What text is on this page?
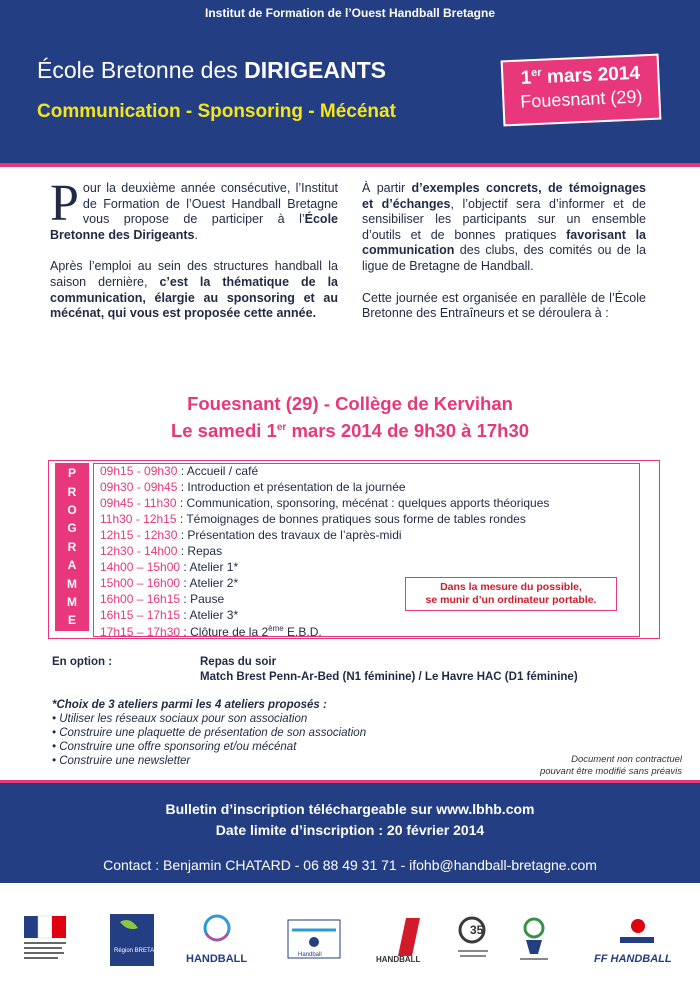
Institut de Formation de l’Ouest Handball Bretagne
École Bretonne des DIRIGEANTS
Communication - Sponsoring - Mécénat
1er mars 2014
Fouesnant (29)

Pour la deuxième année consécutive, l’Institut de Formation de l’Ouest Handball Bretagne vous propose de participer à l’École Bretonne des Dirigeants.

Après l’emploi au sein des structures handball la saison dernière, c’est la thématique de la communication, élargie au sponsoring et au mécénat, qui vous est proposée cette année.

À partir d’exemples concrets, de témoignages et d’échanges, l’objectif sera d’informer et de sensibiliser les participants sur un ensemble d’outils et de bonnes pratiques favorisant la communication des clubs, des comités ou de la ligue de Bretagne de Handball.

Cette journée est organisée en parallèle de l’École Bretonne des Entraîneurs et se déroulera à :

Fouesnant (29) - Collège de Kervihan
Le samedi 1er mars 2014 de 9h30 à 17h30
P
R
O
G
R
A
M
M
E
09h15 - 09h30 : Accueil / café
09h30 - 09h45 : Introduction et présentation de la journée
09h45 - 11h30 : Communication, sponsoring, mécénat : quelques apports théoriques
11h30 - 12h15 : Témoignages de bonnes pratiques sous forme de tables rondes
12h15 - 12h30 : Présentation des travaux de l’après-midi
12h30 - 14h00 : Repas
14h00 – 15h00 : Atelier 1*
15h00 – 16h00 : Atelier 2*
16h00 – 16h15 : Pause
16h15 – 17h15 : Atelier 3*
17h15 – 17h30 : Clôture de la 2ème E.B.D.
Dans la mesure du possible,
se munir d’un ordinateur portable.
En option :	Repas du soir
Match Brest Penn-Ar-Bed (N1 féminine) / Le Havre HAC (D1 féminine)
*Choix de 3 ateliers parmi les 4 ateliers proposés :
• Utiliser les réseaux sociaux pour son association
• Construire une plaquette de présentation de son association
• Construire une offre sponsoring et/ou mécénat
• Construire une newsletter	Document non contractuel
pouvant être modifié sans préavis
Bulletin d’inscription téléchargeable sur www.lbhb.com
Date limite d’inscription : 20 février 2014
Contact : Benjamin CHATARD - 06 88 49 31 71 - ifohb@handball-bretagne.com
Région BRETAGNE
HANDBALL	Handball	HANDBALL
35
FF HANDBALL
